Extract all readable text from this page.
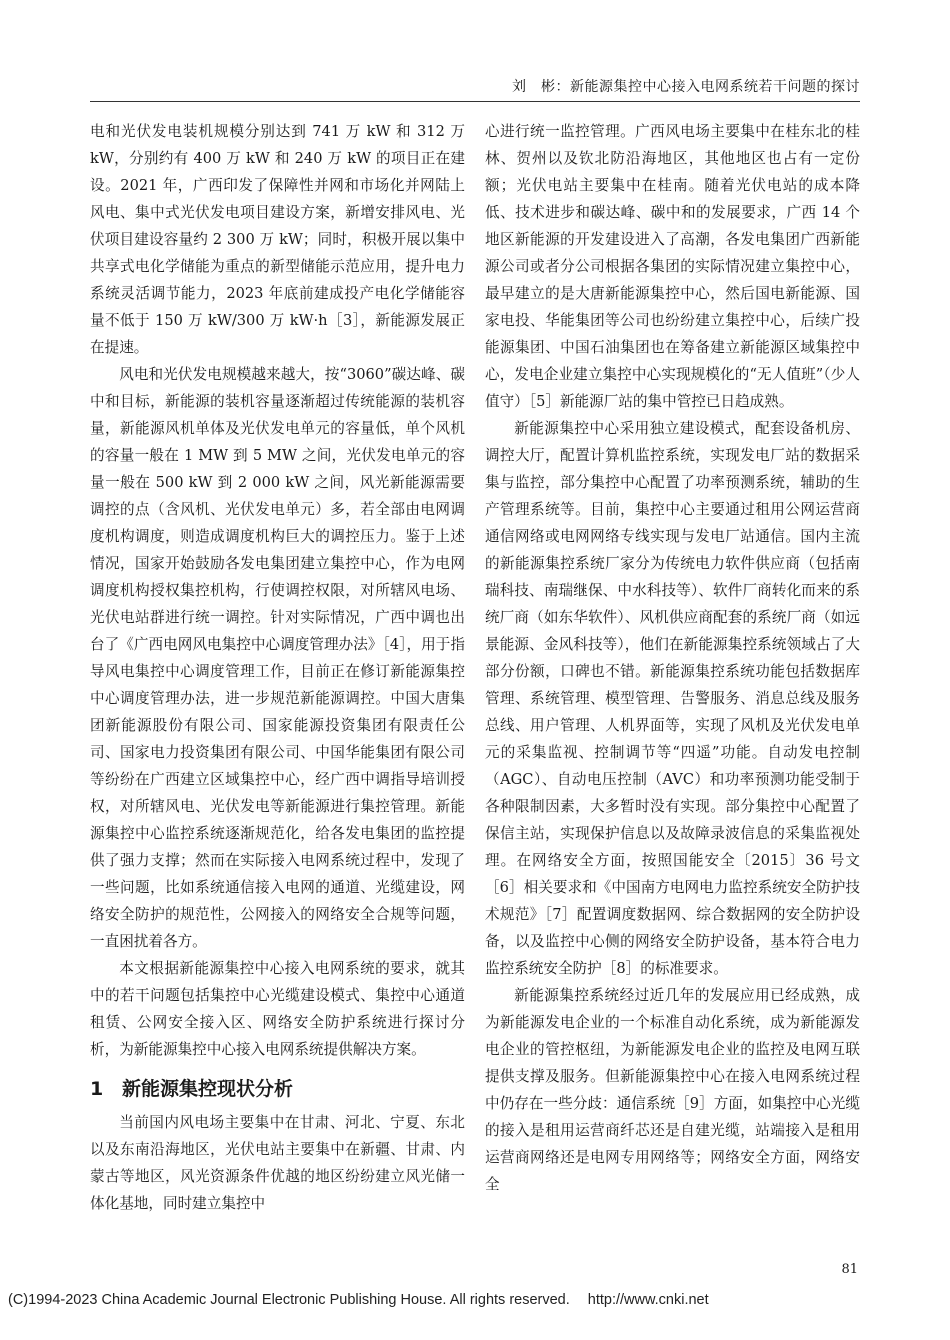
刘　彬：新能源集控中心接入电网系统若干问题的探讨

电和光伏发电装机规模分别达到 741 万 kW 和 312 万 kW，分别约有 400 万 kW 和 240 万 kW 的项目正在建设。2021 年，广西印发了保障性并网和市场化并网陆上风电、集中式光伏发电项目建设方案，新增安排风电、光伏项目建设容量约 2 300 万 kW；同时，积极开展以集中共享式电化学储能为重点的新型储能示范应用，提升电力系统灵活调节能力，2023 年底前建成投产电化学储能容量不低于 150 万 kW/300 万 kW·h［3］，新能源发展正在提速。

风电和光伏发电规模越来越大，按“3060”碳达峰、碳中和目标，新能源的装机容量逐渐超过传统能源的装机容量，新能源风机单体及光伏发电单元的容量低，单个风机的容量一般在 1 MW 到 5 MW 之间，光伏发电单元的容量一般在 500 kW 到 2 000 kW 之间，风光新能源需要调控的点（含风机、光伏发电单元）多，若全部由电网调度机构调度，则造成调度机构巨大的调控压力。鉴于上述情况，国家开始鼓励各发电集团建立集控中心，作为电网调度机构授权集控机构，行使调控权限，对所辖风电场、光伏电站群进行统一调控。针对实际情况，广西中调也出台了《广西电网风电集控中心调度管理办法》［4］，用于指导风电集控中心调度管理工作，目前正在修订新能源集控中心调度管理办法，进一步规范新能源调控。中国大唐集团新能源股份有限公司、国家能源投资集团有限责任公司、国家电力投资集团有限公司、中国华能集团有限公司等纷纷在广西建立区域集控中心，经广西中调指导培训授权，对所辖风电、光伏发电等新能源进行集控管理。新能源集控中心监控系统逐渐规范化，给各发电集团的监控提供了强力支撑；然而在实际接入电网系统过程中，发现了一些问题，比如系统通信接入电网的通道、光缆建设，网络安全防护的规范性，公网接入的网络安全合规等问题，一直困扰着各方。

本文根据新能源集控中心接入电网系统的要求，就其中的若干问题包括集控中心光缆建设模式、集控中心通道租赁、公网安全接入区、网络安全防护系统进行探讨分析，为新能源集控中心接入电网系统提供解决方案。

1 新能源集控现状分析

当前国内风电场主要集中在甘肃、河北、宁夏、东北以及东南沿海地区，光伏电站主要集中在新疆、甘肃、内蒙古等地区，风光资源条件优越的地区纷纷建立风光储一体化基地，同时建立集控中

心进行统一监控管理。广西风电场主要集中在桂东北的桂林、贺州以及钦北防沿海地区，其他地区也占有一定份额；光伏电站主要集中在桂南。随着光伏电站的成本降低、技术进步和碳达峰、碳中和的发展要求，广西 14 个地区新能源的开发建设进入了高潮，各发电集团广西新能源公司或者分公司根据各集团的实际情况建立集控中心，最早建立的是大唐新能源集控中心，然后国电新能源、国家电投、华能集团等公司也纷纷建立集控中心，后续广投能源集团、中国石油集团也在筹备建立新能源区域集控中心，发电企业建立集控中心实现规模化的“无人值班”（少人值守）［5］新能源厂站的集中管控已日趋成熟。

新能源集控中心采用独立建设模式，配套设备机房、调控大厅，配置计算机监控系统，实现发电厂站的数据采集与监控，部分集控中心配置了功率预测系统，辅助的生产管理系统等。目前，集控中心主要通过租用公网运营商通信网络或电网网络专线实现与发电厂站通信。国内主流的新能源集控系统厂家分为传统电力软件供应商（包括南瑞科技、南瑞继保、中水科技等）、软件厂商转化而来的系统厂商（如东华软件）、风机供应商配套的系统厂商（如远景能源、金风科技等），他们在新能源集控系统领域占了大部分份额，口碑也不错。新能源集控系统功能包括数据库管理、系统管理、模型管理、告警服务、消息总线及服务总线、用户管理、人机界面等，实现了风机及光伏发电单元的采集监视、控制调节等“四遥”功能。自动发电控制（AGC）、自动电压控制（AVC）和功率预测功能受制于各种限制因素，大多暂时没有实现。部分集控中心配置了保信主站，实现保护信息以及故障录波信息的采集监视处理。在网络安全方面，按照国能安全〔2015〕36 号文［6］相关要求和《中国南方电网电力监控系统安全防护技术规范》［7］配置调度数据网、综合数据网的安全防护设备，以及监控中心侧的网络安全防护设备，基本符合电力监控系统安全防护［8］的标准要求。

新能源集控系统经过近几年的发展应用已经成熟，成为新能源发电企业的一个标准自动化系统，成为新能源发电企业的管控枢纽，为新能源发电企业的监控及电网互联提供支撑及服务。但新能源集控中心在接入电网系统过程中仍存在一些分歧：通信系统［9］方面，如集控中心光缆的接入是租用运营商纤芯还是自建光缆，站端接入是租用运营商网络还是电网专用网络等；网络安全方面，网络安全

81
(C)1994-2023 China Academic Journal Electronic Publishing House. All rights reserved. http://www.cnki.net
